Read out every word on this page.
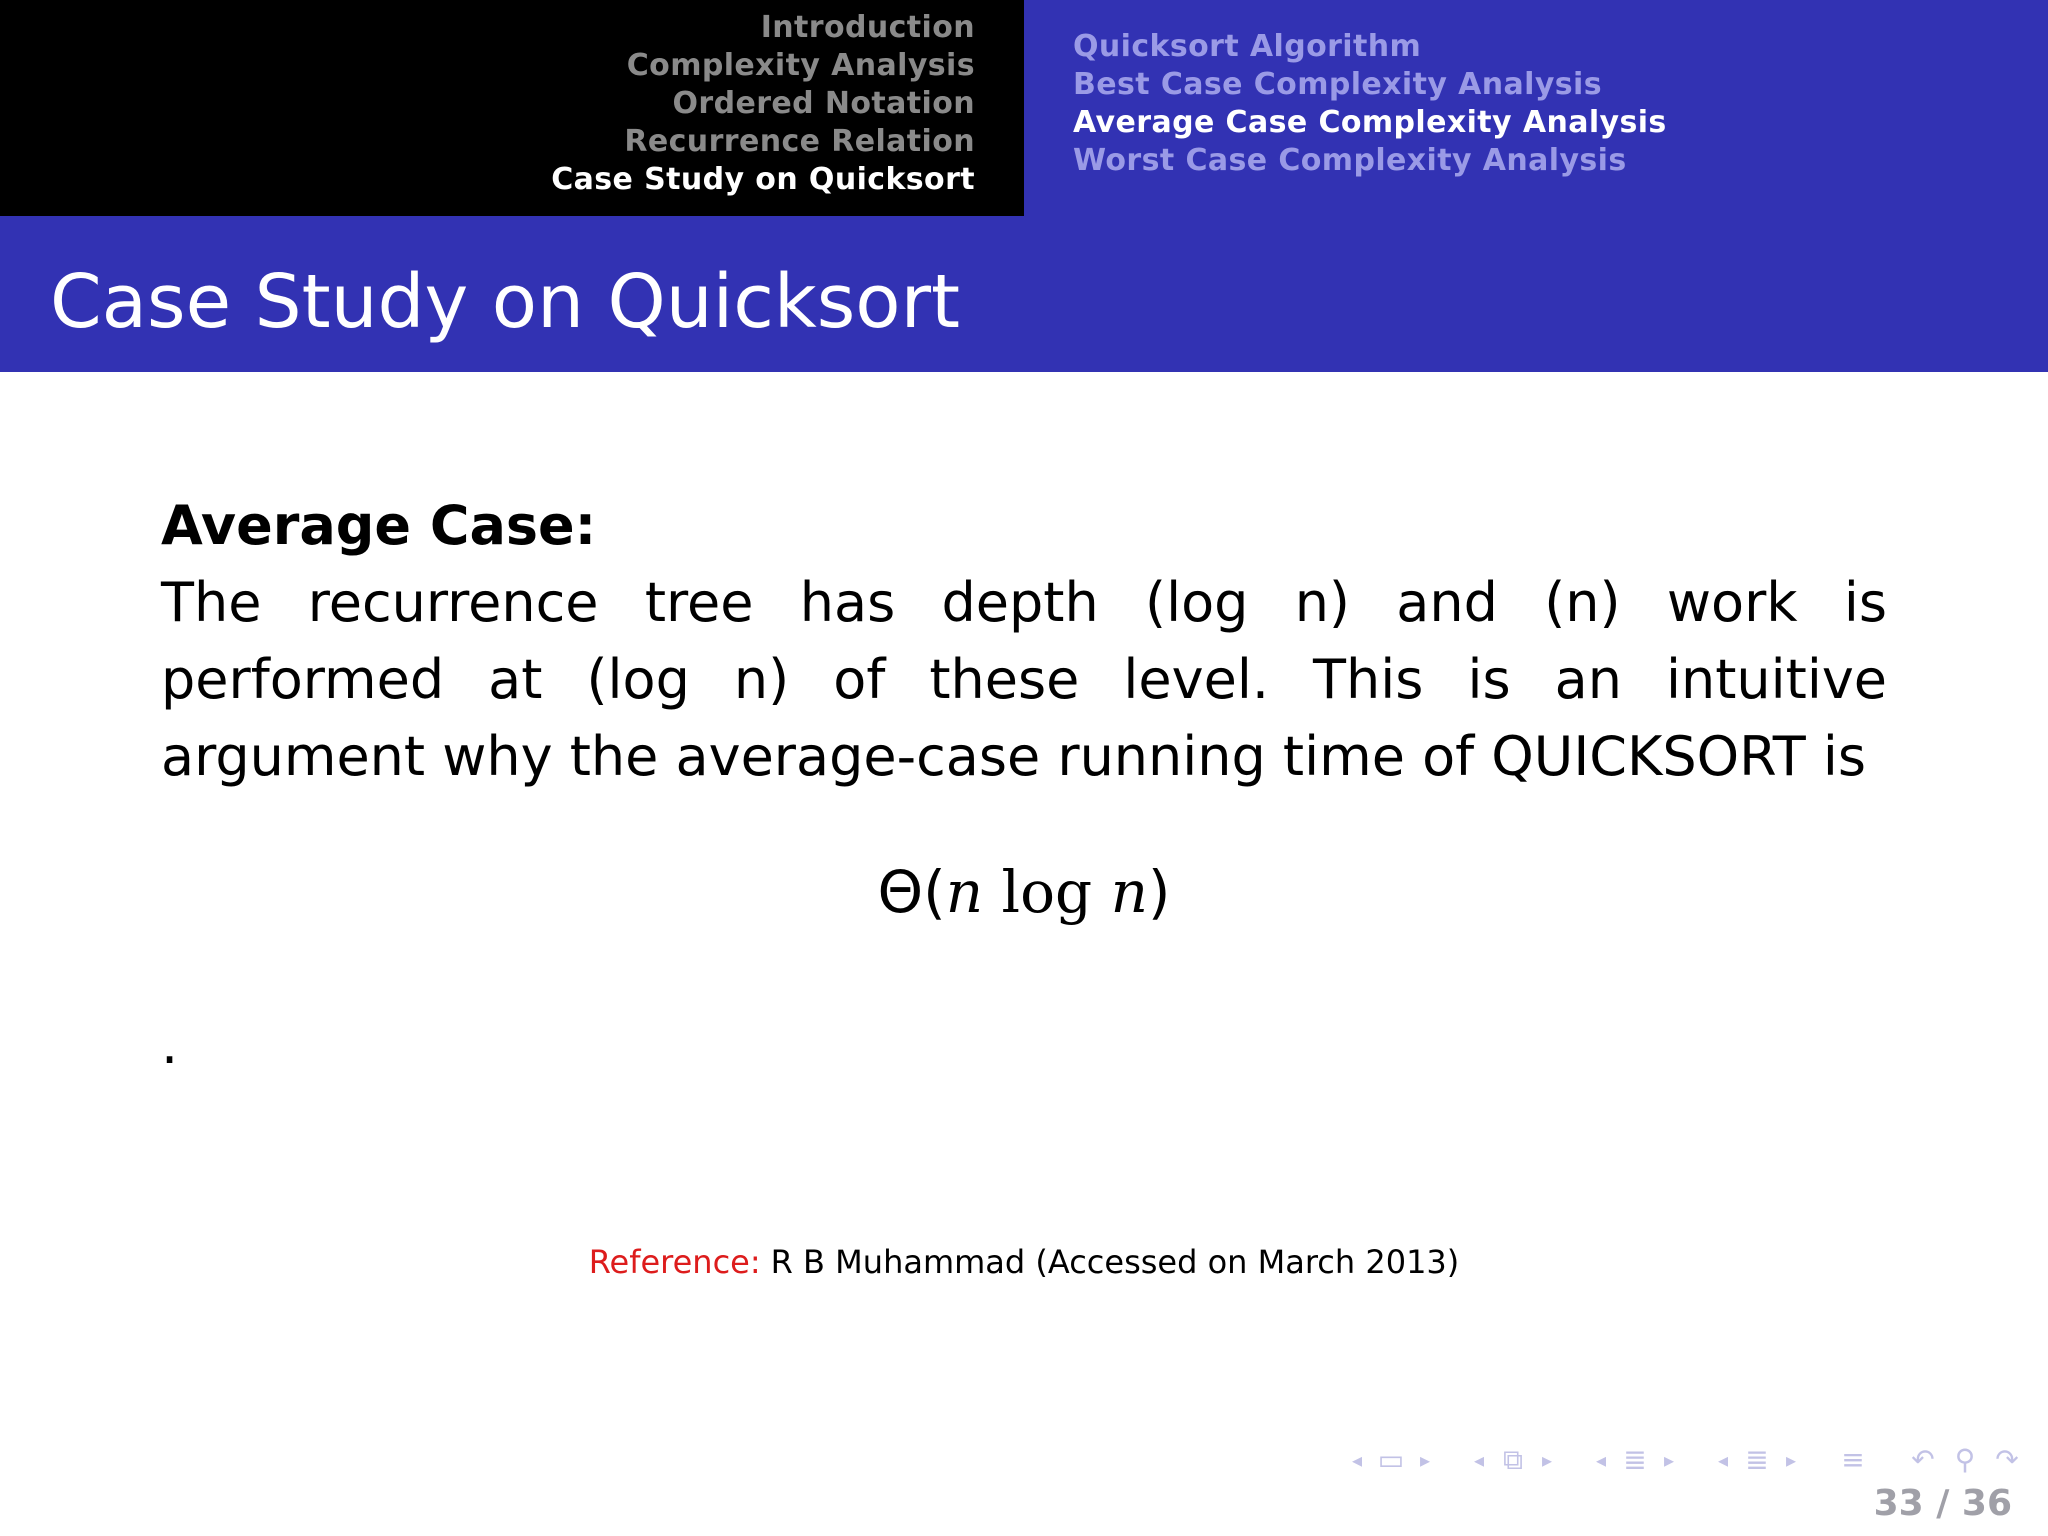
Introduction
Complexity Analysis
Ordered Notation
Recurrence Relation
Case Study on Quicksort
Quicksort Algorithm
Best Case Complexity Analysis
Average Case Complexity Analysis
Worst Case Complexity Analysis
Case Study on Quicksort

Average Case:

The recurrence tree has depth (log n) and (n) work is performed at (log n) of these level. This is an intuitive argument why the average-case running time of QUICKSORT is

Θ(n log n)
.
Reference: R B Muhammad (Accessed on March 2013)
◂ ▭ ▸	◂ ⧉ ▸	◂ ≣ ▸	◂ ≣ ▸	≡	↶ ⚲ ↷
33 / 36
